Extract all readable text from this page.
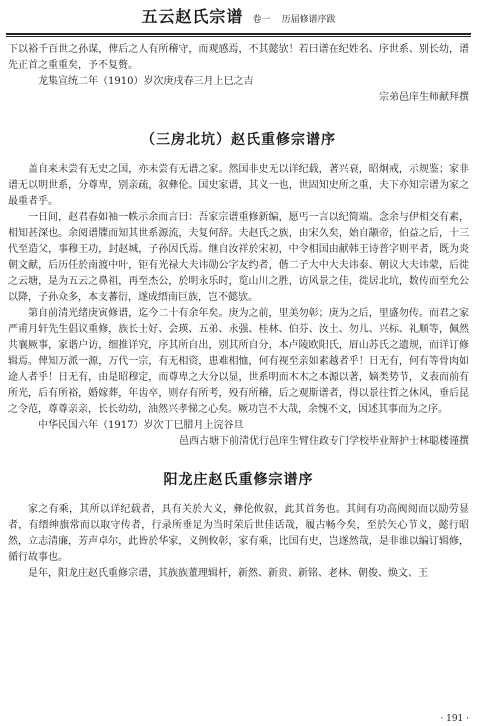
五云赵氏宗谱 卷一 历届修谱序跋

下以裕千百世之孙谋，俾后之人有所稽守，而观感焉，不其懿欤！若曰谱在纪姓名、序世系、别长幼，谱先正首之重重矣，予不复赘。

龙集宣统二年（1910）岁次庚戌春三月上巳之吉

宗弟邑庠生师献拜撰

（三房北坑）赵氏重修宗谱序

盖自来未尝有无史之国，亦未尝有无谱之家。然国非史无以详纪载，著兴衰，昭炯戒，示规鉴；家非谱无以明世系，分尊卑，别亲疏，叙彝伦。国史家谱，其义一也，世固知史所之重，夫下亦知宗谱为家之最重者乎。

一日间，赵君春如袖一帙示余而言曰：吾家宗谱重修新编，愿丐一言以纪简端。念余与伊相交有素，相知甚深也。余阅谱牒而知其世系源流，夫复何辞。夫赵氏之族，由宋久矣，始自颛帝，伯益之后，十三代至造父，事穆王功，封赵城，子孙因氏焉。继自汝祥於宋初，中令相国由献韩王诗普字则平者，既为炎朝文献，后历任於南渡中叶，钜有光禄大夫讳勋公字友约者，偕二子大中大夫讳泰、朝议大夫讳蒙，后徙之云塘，是为五云之鼻祖，再至杰公，於明永乐时，览山川之胜，访风景之佳，徙居北坑，数传而至允公以降，子孙众多，本支蕃衍，遂成缙南巨族，岂不懿欤。

第自前清光绪庚寅修谱，迄今二十有余年矣。庚为之前，里美勿彰；庚为之后，里盛勿传。而君之家严甫月轩先生倡议重修，族长士好、会瑛、五弟、永强、桂林、伯芬、汝土、勿儿、兴标、礼顺等，佩然共襄厥事，家谐户访，细推详究，序其所自出，别其所自分，本卢陵欧阳氏，眉山苏氏之遗规，而详订修辑焉。俾知万派一源，万代一宗，有无相资，患难相恤，何有视至亲如素越者乎！日无有，何有等骨肉如途人者乎！日无有，由是昭穆定，而尊卑之大分以显，世系明而木木之本源以著，嫡类势节，义表而前有所光，后有所裕，婚嫁葬，年齿卒，则存有所考，殁有所稽，后之观斯谱者，得以景往哲之休风，垂后昆之令范，尊尊亲亲，长长幼幼，油然兴孝悌之心矣。厥功岂不大哉，余愧不文，因述其事而为之序。

中华民国六年（1917）岁次丁巳腊月上浣谷旦

邑西古塘下前清优行邑庠生臂住政专门学校毕业辩护士林聪楼谨撰

阳龙庄赵氏重修宗谱序

家之有乘，其所以详纪载者，具有关於大义，彝伦攸叙，此其首务也。其间有功高阀阅而以励劳显者，有缙绅旗常而以取守传者，行录所垂足为当时荣后世佳话哉，履古畅今矣，至於矢心节义，懿行昭然，立志清廉，芳声卓尔，此皆於华家，义例攸彰，家有乘，比国有史，岂遂然哉，是非谁以编订辑修，循行故事也。

是年，阳龙庄赵氏重修宗谱，其族族董理辑杆，新然、新贵、新铭、老林、朝俊、焕文、王

· 191 ·
